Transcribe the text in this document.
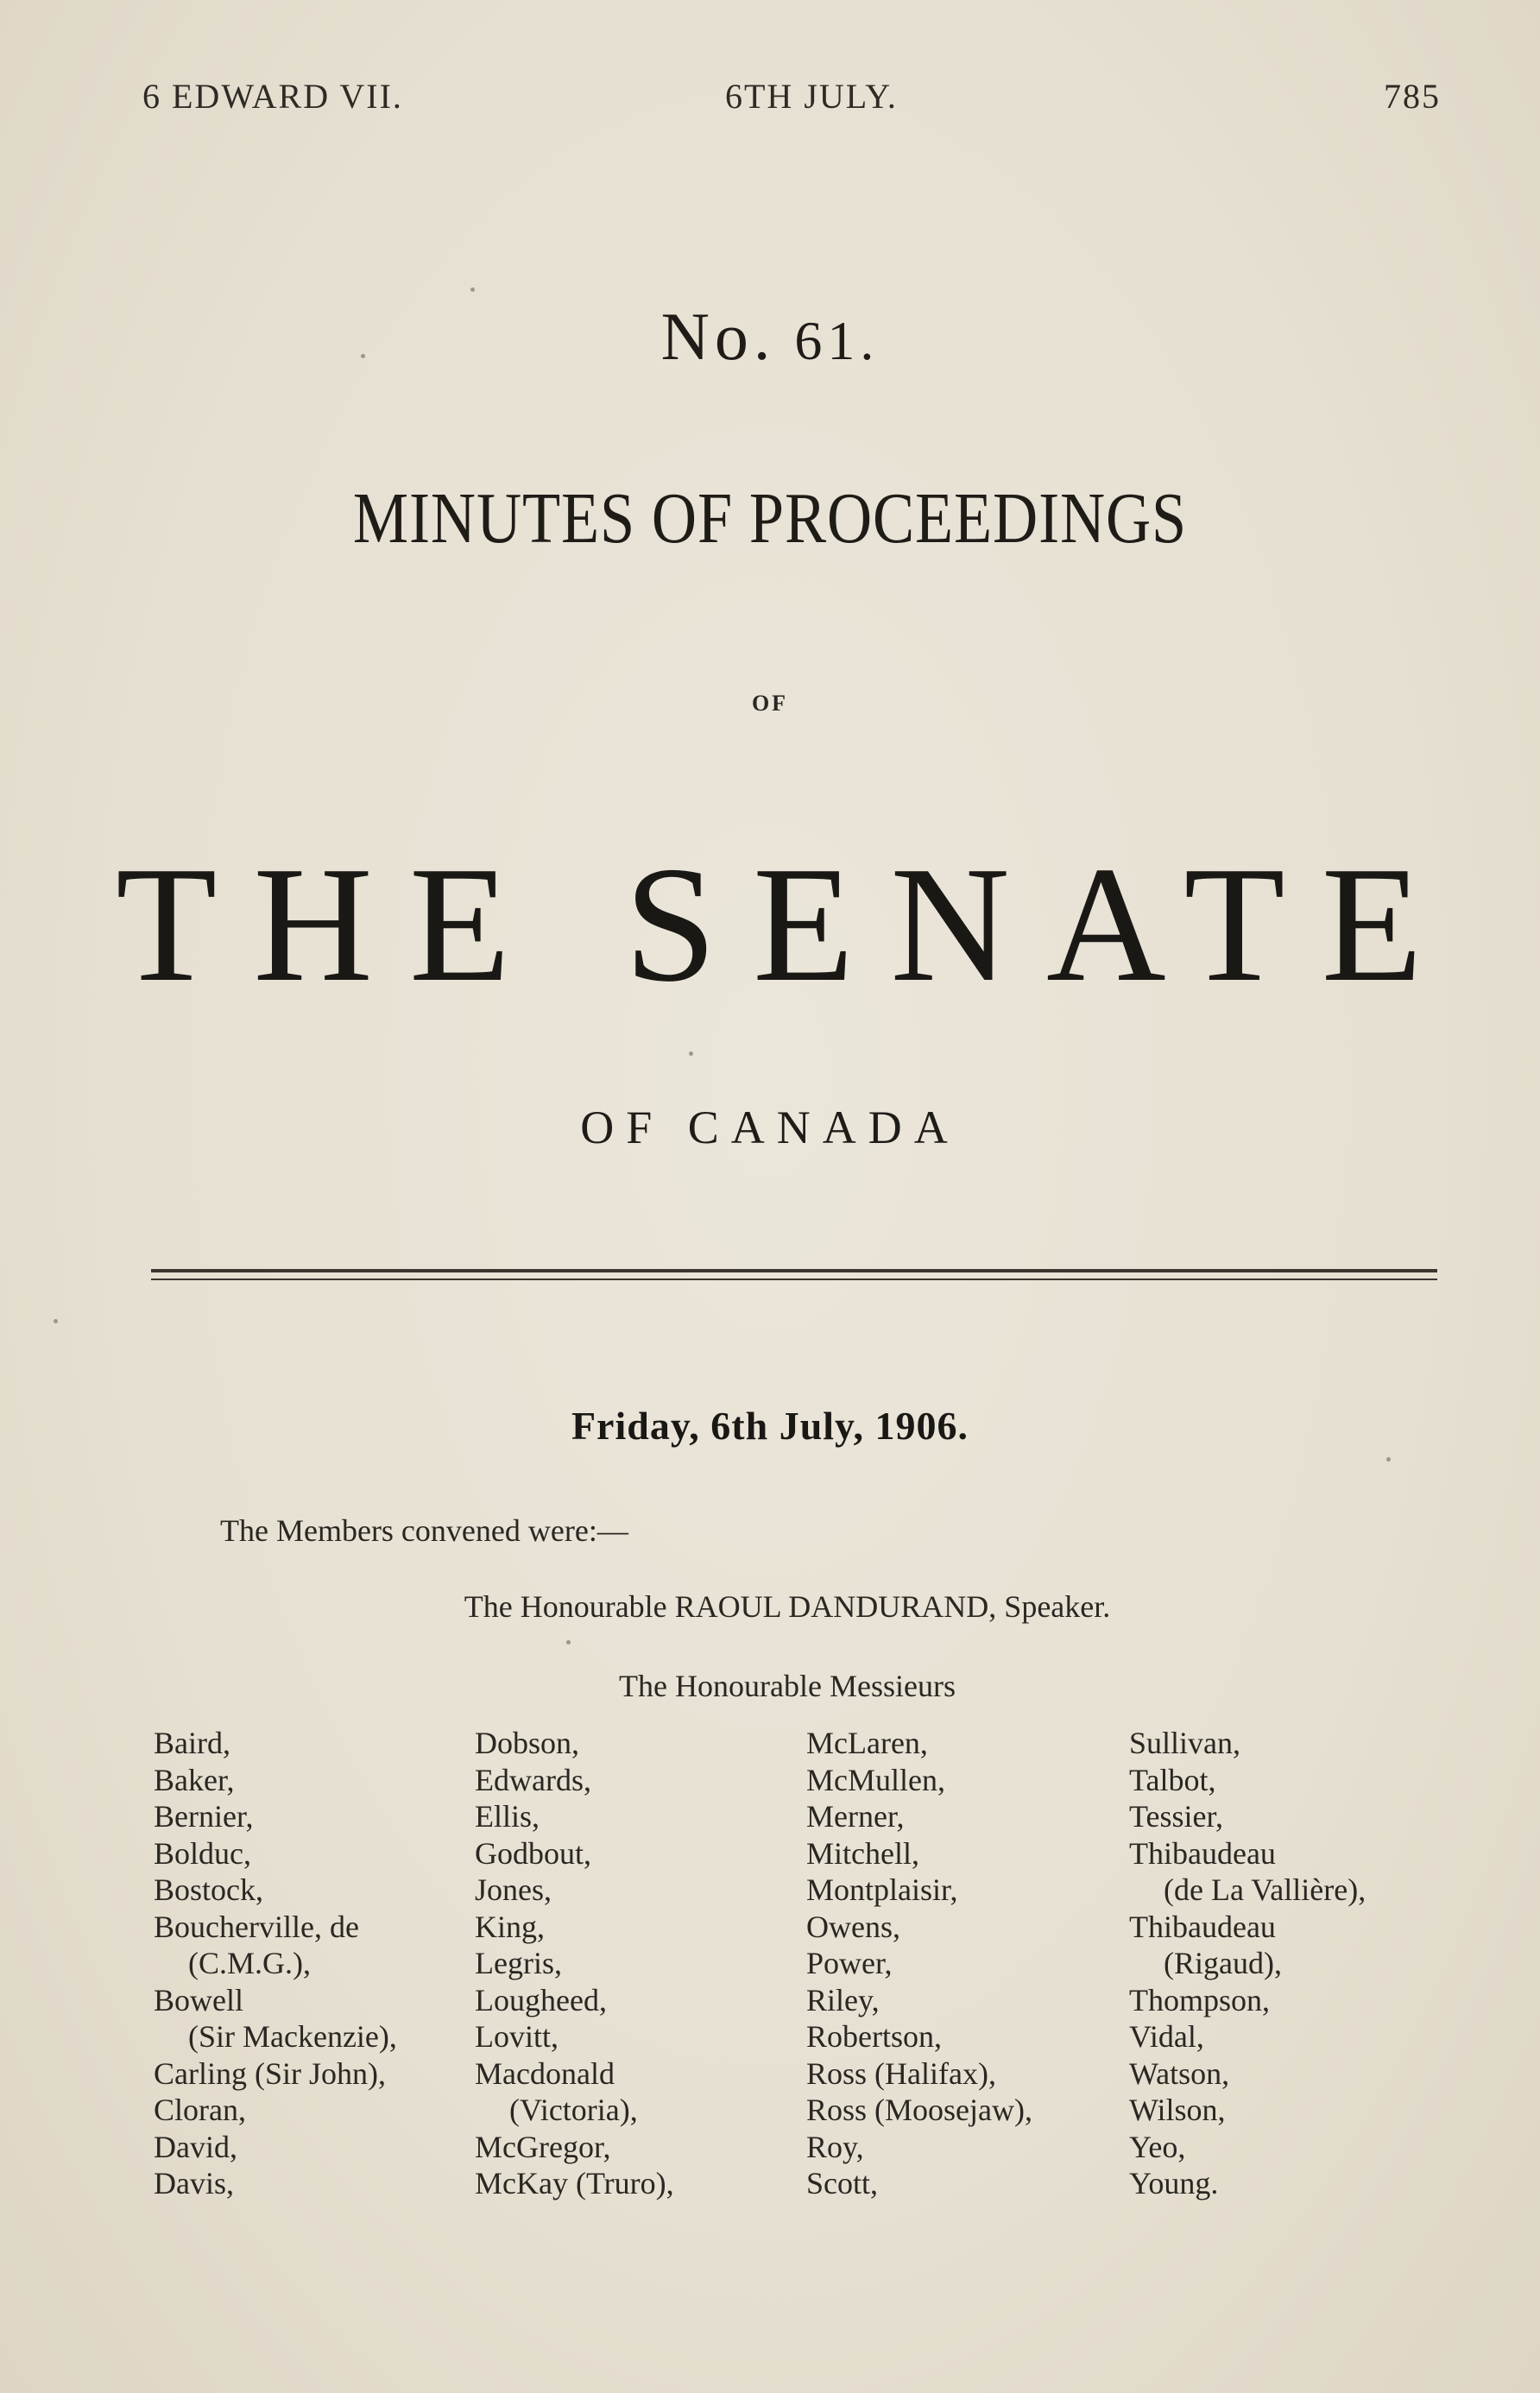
6 EDWARD VII.	6TH JULY.	785
No. 61.
MINUTES OF PROCEEDINGS
OF
THE SENATE
OF CANADA
Friday, 6th July, 1906.
The Members convened were:—
The Honourable RAOUL DANDURAND, Speaker.
The Honourable Messieurs
Baird,
Baker,
Bernier,
Bolduc,
Bostock,
Boucherville, de
(C.M.G.),
Bowell
(Sir Mackenzie),
Carling (Sir John),
Cloran,
David,
Davis,
Dobson,
Edwards,
Ellis,
Godbout,
Jones,
King,
Legris,
Lougheed,
Lovitt,
Macdonald
(Victoria),
McGregor,
McKay (Truro),
McLaren,
McMullen,
Merner,
Mitchell,
Montplaisir,
Owens,
Power,
Riley,
Robertson,
Ross (Halifax),
Ross (Moosejaw),
Roy,
Scott,
Sullivan,
Talbot,
Tessier,
Thibaudeau
(de La Vallière),
Thibaudeau
(Rigaud),
Thompson,
Vidal,
Watson,
Wilson,
Yeo,
Young.
